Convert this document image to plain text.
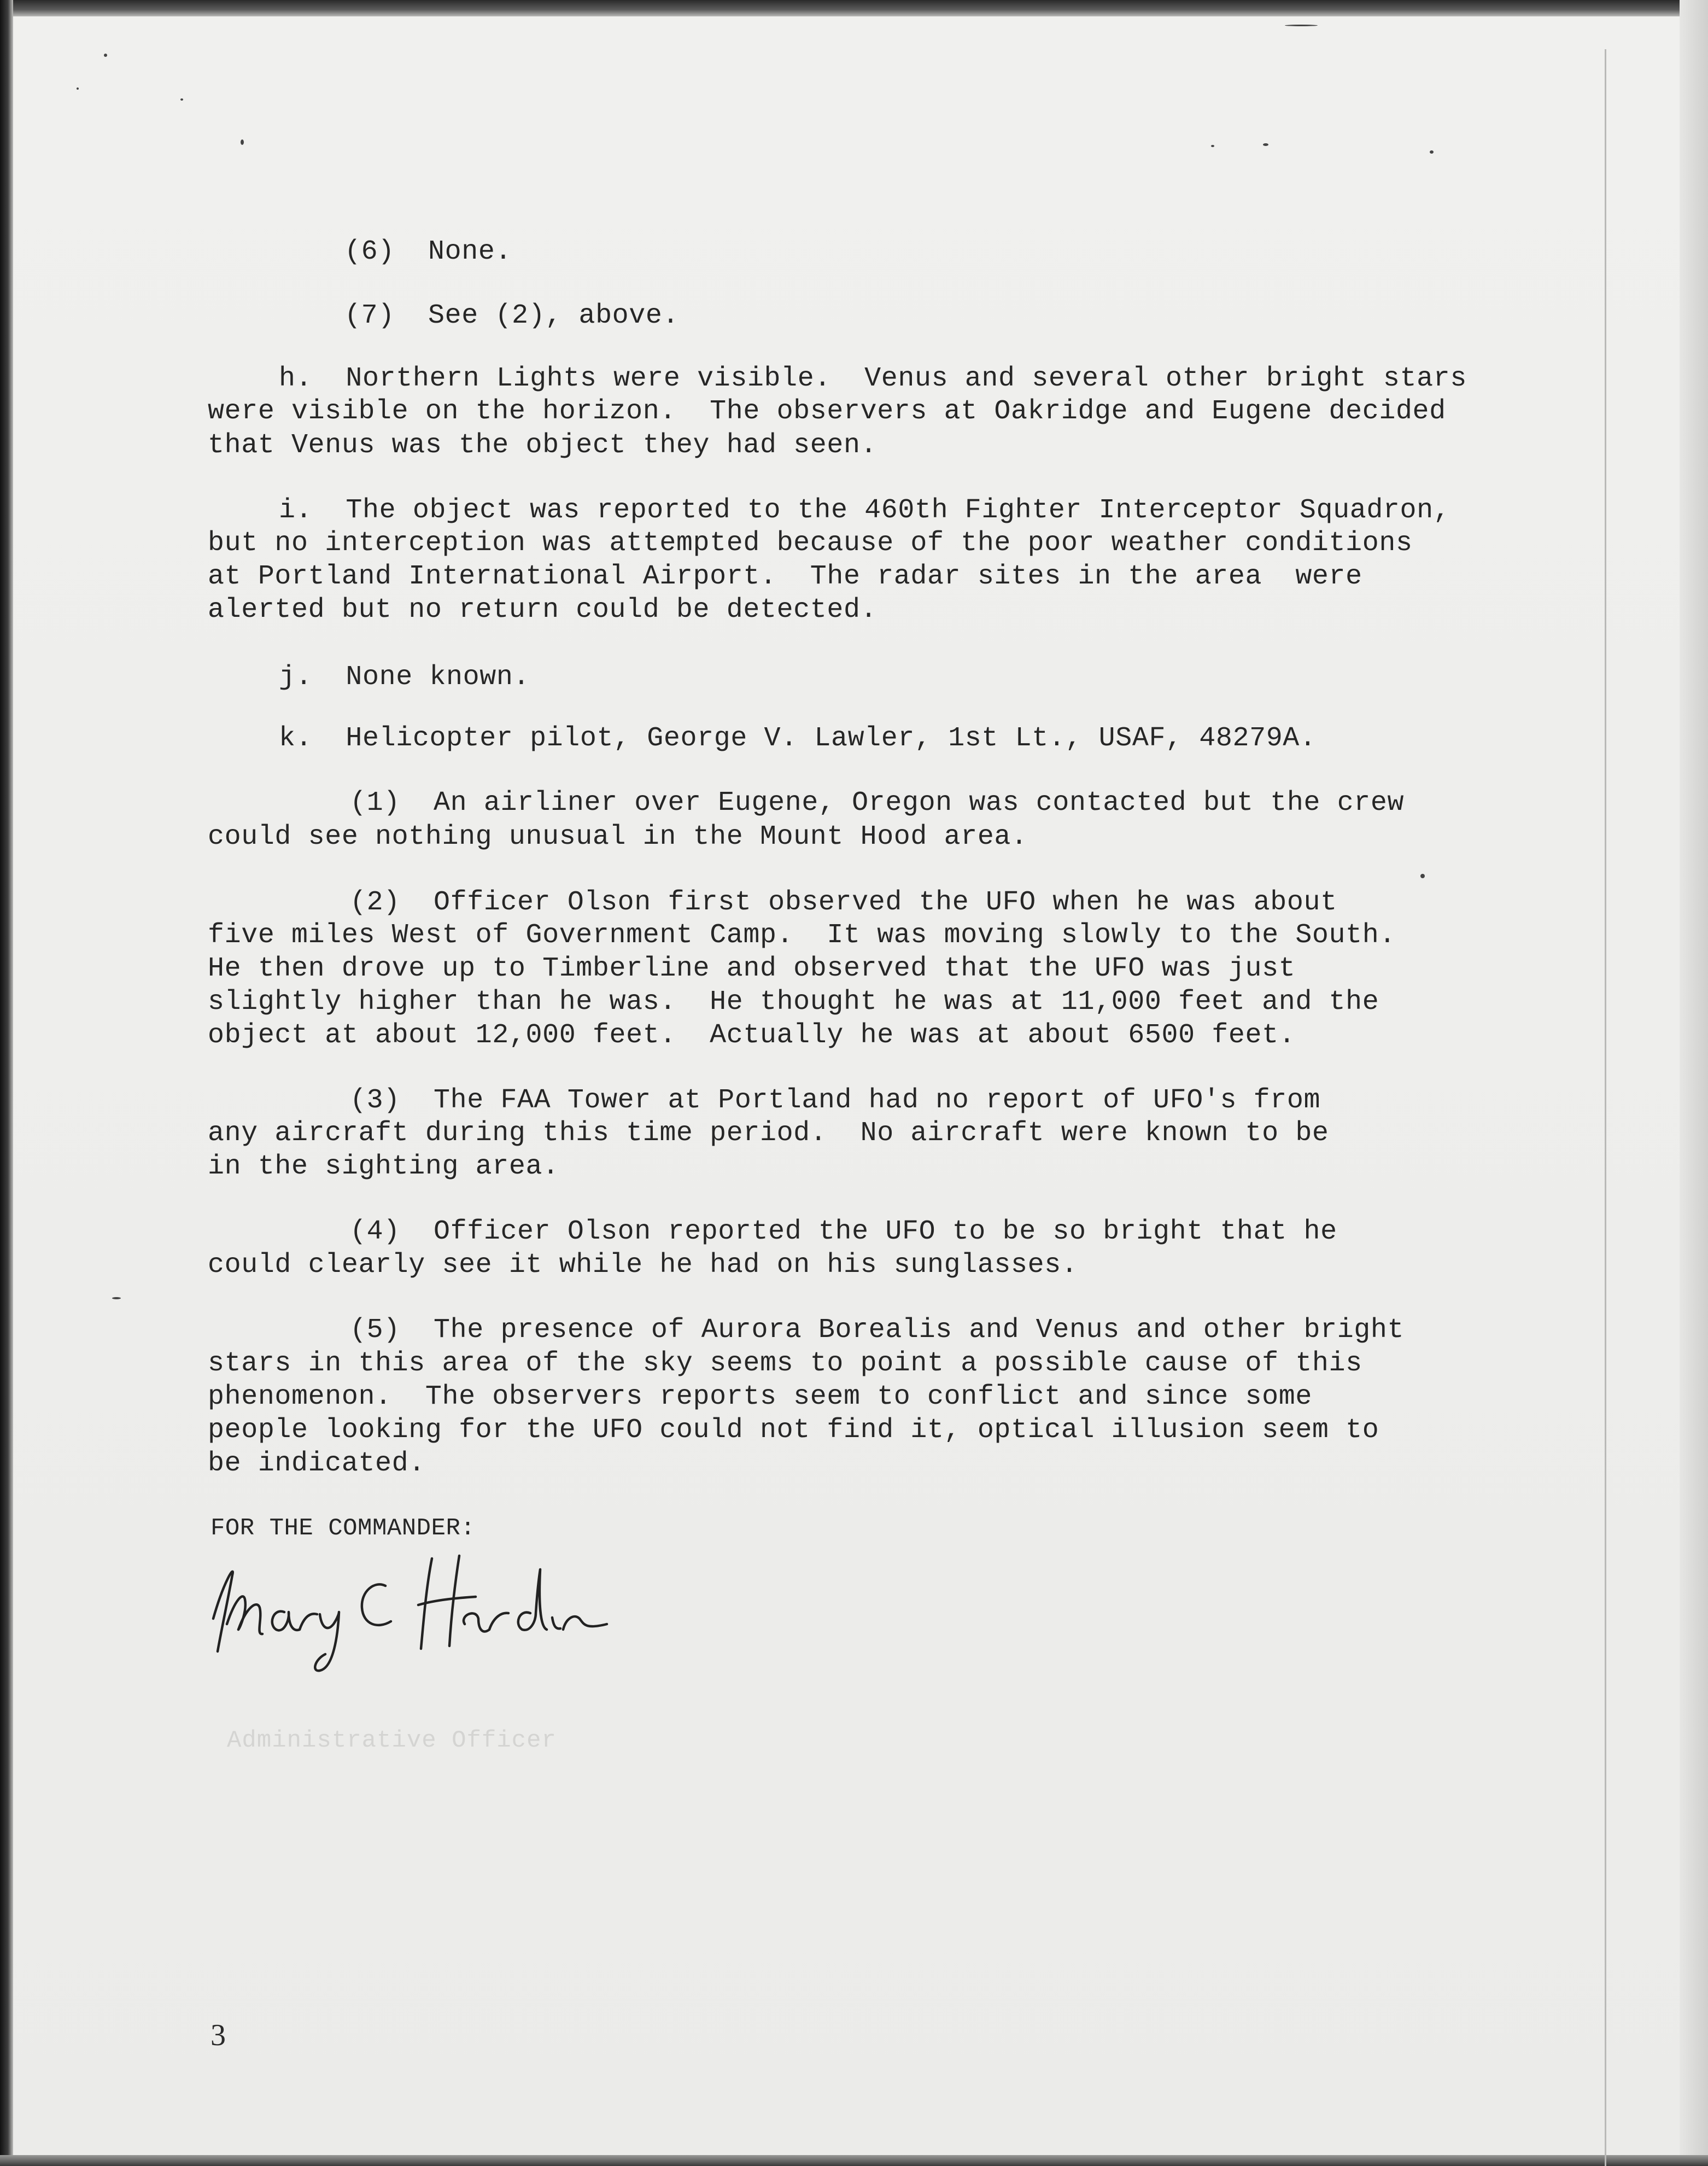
(6)  None.

(7)  See (2), above.

h.  Northern Lights were visible.  Venus and several other bright stars

were visible on the horizon.  The observers at Oakridge and Eugene decided

that Venus was the object they had seen.

i.  The object was reported to the 460th Fighter Interceptor Squadron,

but no interception was attempted because of the poor weather conditions

at Portland International Airport.  The radar sites in the area  were

alerted but no return could be detected.

j.  None known.

k.  Helicopter pilot, George V. Lawler, 1st Lt., USAF, 48279A.

(1)  An airliner over Eugene, Oregon was contacted but the crew

could see nothing unusual in the Mount Hood area.

(2)  Officer Olson first observed the UFO when he was about

five miles West of Government Camp.  It was moving slowly to the South.

He then drove up to Timberline and observed that the UFO was just

slightly higher than he was.  He thought he was at 11,000 feet and the

object at about 12,000 feet.  Actually he was at about 6500 feet.

(3)  The FAA Tower at Portland had no report of UFO's from

any aircraft during this time period.  No aircraft were known to be

in the sighting area.

(4)  Officer Olson reported the UFO to be so bright that he

could clearly see it while he had on his sunglasses.

(5)  The presence of Aurora Borealis and Venus and other bright

stars in this area of the sky seems to point a possible cause of this

phenomenon.  The observers reports seem to conflict and since some

people looking for the UFO could not find it, optical illusion seem to

be indicated.

FOR THE COMMANDER:
Administrative Officer
3
